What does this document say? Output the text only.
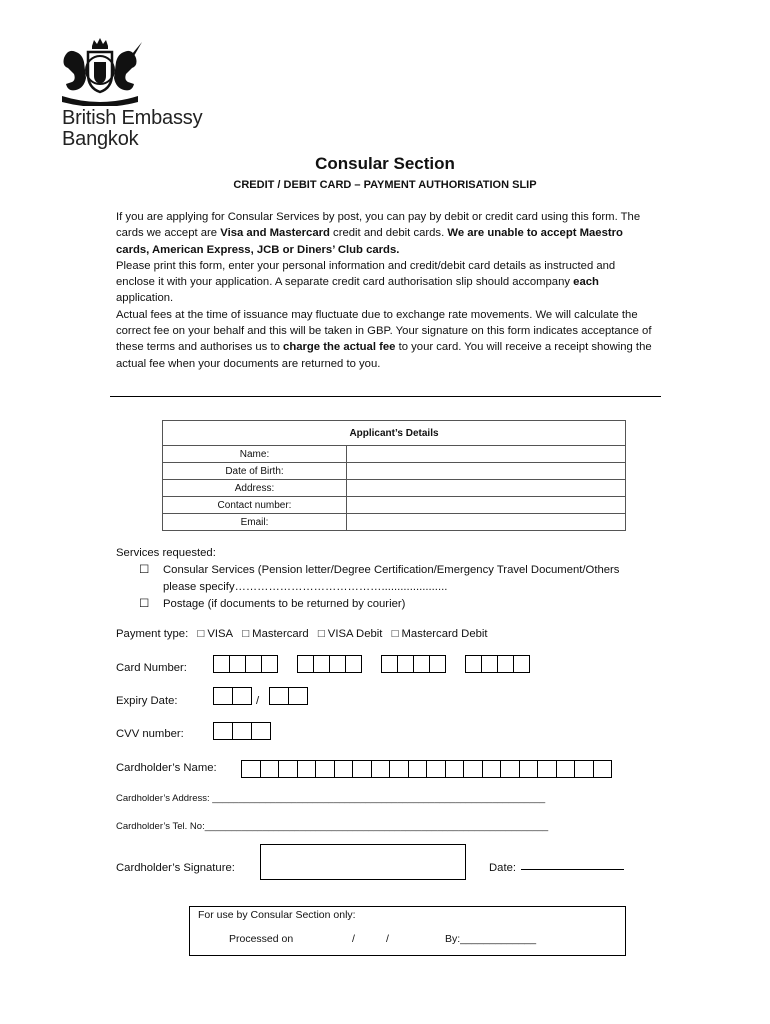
British Embassy
Bangkok
Consular Section
CREDIT / DEBIT CARD – PAYMENT AUTHORISATION SLIP

If you are applying for Consular Services by post, you can pay by debit or credit card using this form. The cards we accept are Visa and Mastercard credit and debit cards. We are unable to accept Maestro cards, American Express, JCB or Diners’ Club cards.

Please print this form, enter your personal information and credit/debit card details as instructed and enclose it with your application. A separate credit card authorisation slip should accompany each application.

Actual fees at the time of issuance may fluctuate due to exchange rate movements. We will calculate the correct fee on your behalf and this will be taken in GBP. Your signature on this form indicates acceptance of these terms and authorises us to charge the actual fee to your card. You will receive a receipt showing the actual fee when your documents are returned to you.

Applicant’s Details	
Name:	
Date of Birth:	
Address:	
Contact number:	
Email:	
Services requested:
☐ Consular Services (Pension letter/Degree Certification/Emergency Travel Document/Others please specify………………………………….....................
☐ Postage (if documents to be returned by courier)
Payment type: □ VISA □ Mastercard □ VISA Debit □ Mastercard Debit
Card Number:
Expiry Date:	/
CVV number:
Cardholder’s Name:
Cardholder’s Address: _______________________________________________________________
Cardholder’s Tel. No:_________________________________________________________________
Cardholder’s Signature:	Date:
For use by Consular Section only:
Processed on	/	/	By:_____________
